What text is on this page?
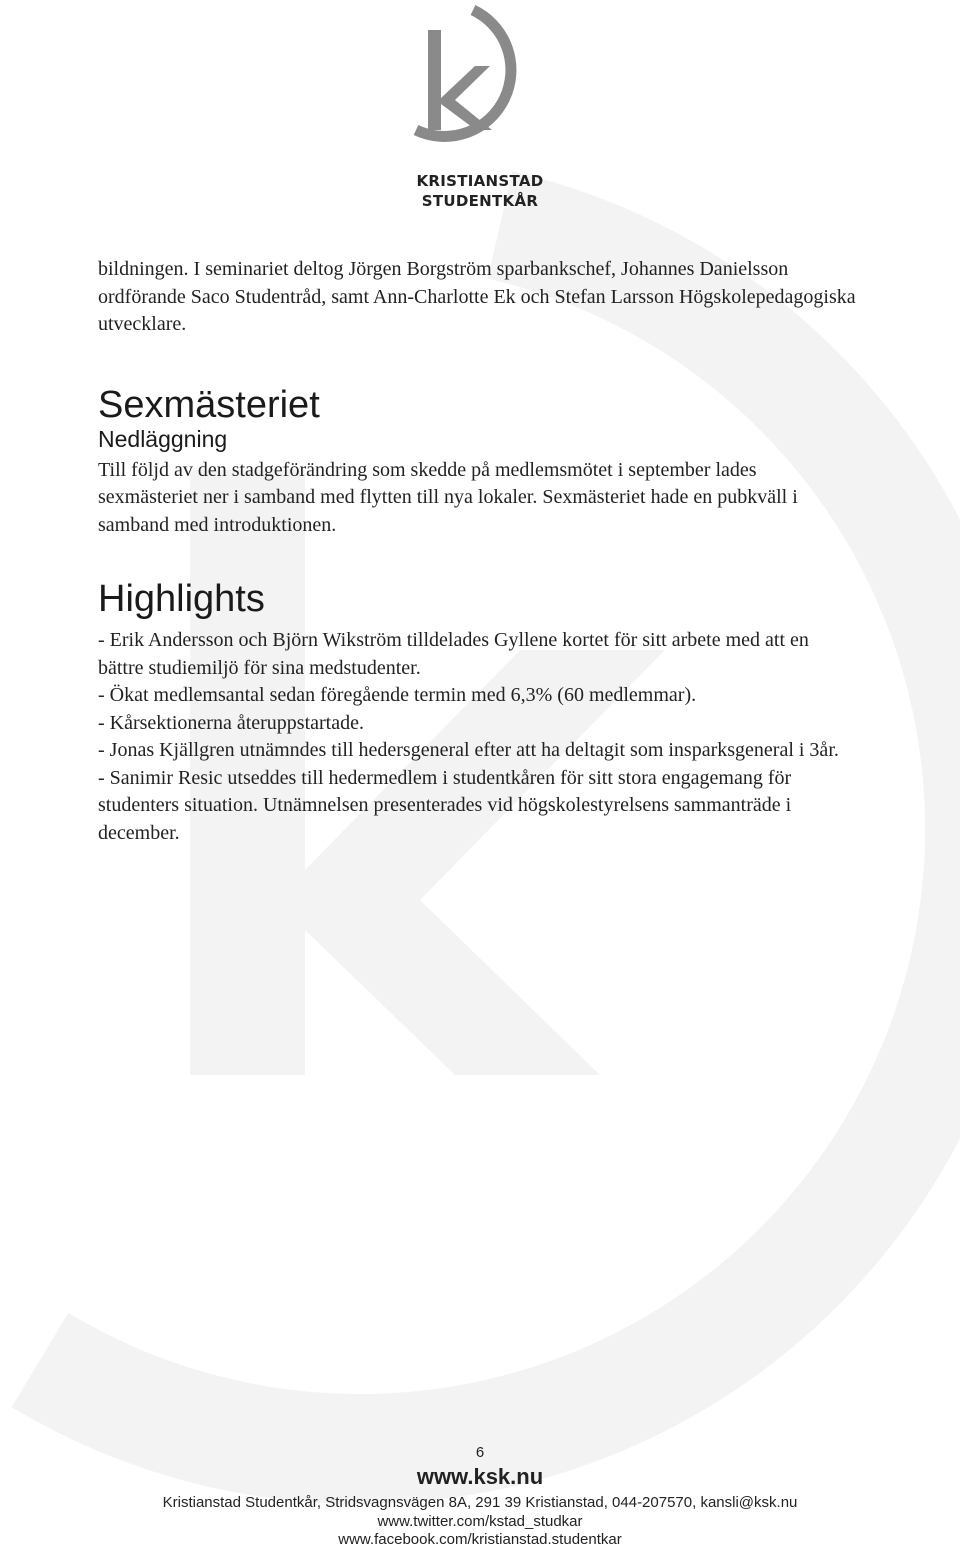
KRISTIANSTAD
STUDENTKÅR
bildningen. I seminariet deltog Jörgen Borgström sparbankschef, Johannes Danielsson ordförande Saco Studentråd, samt Ann-Charlotte Ek och Stefan Larsson Högskolepedagogiska utvecklare.
Sexmästeriet
Nedläggning
Till följd av den stadgeförändring som skedde på medlemsmötet i september lades sexmästeriet ner i samband med flytten till nya lokaler. Sexmästeriet hade en pubkväll i samband med introduktionen.
Highlights

- Erik Andersson och Björn Wikström tilldelades Gyllene kortet för sitt arbete med att en bättre studiemiljö för sina medstudenter.

- Ökat medlemsantal sedan föregående termin med 6,3% (60 medlemmar).

- Kårsektionerna återuppstartade.

- Jonas Kjällgren utnämndes till hedersgeneral efter att ha deltagit som insparksgeneral i 3år.

- Sanimir Resic utseddes till hedermedlem i studentkåren för sitt stora engagemang för studenters situation. Utnämnelsen presenterades vid högskolestyrelsens sammanträde i december.

6
www.ksk.nu
Kristianstad Studentkår, Stridsvagnsvägen 8A, 291 39 Kristianstad, 044-207570, kansli@ksk.nu
www.twitter.com/kstad_studkar
www.facebook.com/kristianstad.studentkar
